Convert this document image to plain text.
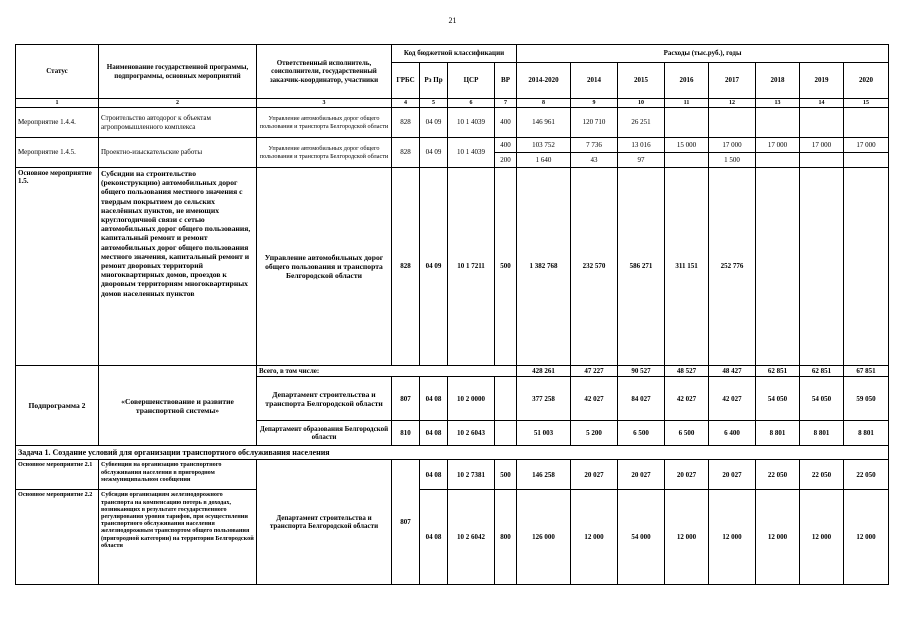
21
Статус	Наименование государственной программы, подпрограммы, основных мероприятий	Ответственный исполнитель, соисполнители, государственный заказчик-координатор, участники	Код бюджетной классификации				Расходы (тыс.руб.), годы							
			ГРБС	Рз Пр	ЦСР	ВР	2014-2020	2014	2015	2016	2017	2018	2019	2020
1	2	3	4	5	6	7	8	9	10	11	12	13	14	15
Мероприятие 1.4.4.	Строительство автодорог к объектам агропромышленного комплекса	Управление автомобильных дорог общего пользования и транспорта Белгородской области	828	04 09	10 1 4039	400	146 961	120 710	26 251					
Мероприятие 1.4.5.	Проектно-изыскательские работы	Управление автомобильных дорог общего пользования и транспорта Белгородской области	828	04 09	10 1 4039	400	103 752	7 736	13 016	15 000	17 000	17 000	17 000	17 000
						200	1 640	43	97		1 500			
Основное мероприятие 1.5.	Субсидии на строительство (реконструкцию) автомобильных дорог общего пользования местного значения с твердым покрытием до сельских населённых пунктов, не имеющих круглогодичной связи с сетью автомобильных дорог общего пользования, капитальный ремонт и ремонт автомобильных дорог общего пользования местного значения, капитальный ремонт и ремонт дворовых территорий многоквартирных домов, проездов к дворовым территориям многоквартирных домов населенных пунктов	Управление автомобильных дорог общего пользования и транспорта Белгородской области	828	04 09	10 1 7211	500	1 382 768	232 570	586 271	311 151	252 776			
Подпрограмма 2	«Совершенствование и развитие транспортной системы»	Всего, в том числе:					428 261	47 227	90 527	48 527	48 427	62 851	62 851	67 851
		Департамент строительства и транспорта Белгородской области	807	04 08	10 2 0000		377 258	42 027	84 027	42 027	42 027	54 050	54 050	59 050
		Департамент образования Белгородской области	810	04 08	10 2 6043		51 003	5 200	6 500	6 500	6 400	8 801	8 801	8 801
Задача 1. Создание условий для организации транспортного обслуживания населения														
Основное мероприятие 2.1	Субвенции на организацию транспортного обслуживания населения в пригородном межмуниципальном сообщении	Департамент строительства и транспорта Белгородской области	807	04 08	10 2 7381	500	146 258	20 027	20 027	20 027	20 027	22 050	22 050	22 050
Основное мероприятие 2.2	Субсидии организациям железнодорожного транспорта на компенсацию потерь в доходах, возникающих в результате государственного регулирования уровня тарифов, при осуществлении транспортного обслуживания населения железнодорожным транспортом общего пользования (пригородной категории) на территории Белгородской области			04 08	10 2 6042	800	126 000	12 000	54 000	12 000	12 000	12 000	12 000	12 000
